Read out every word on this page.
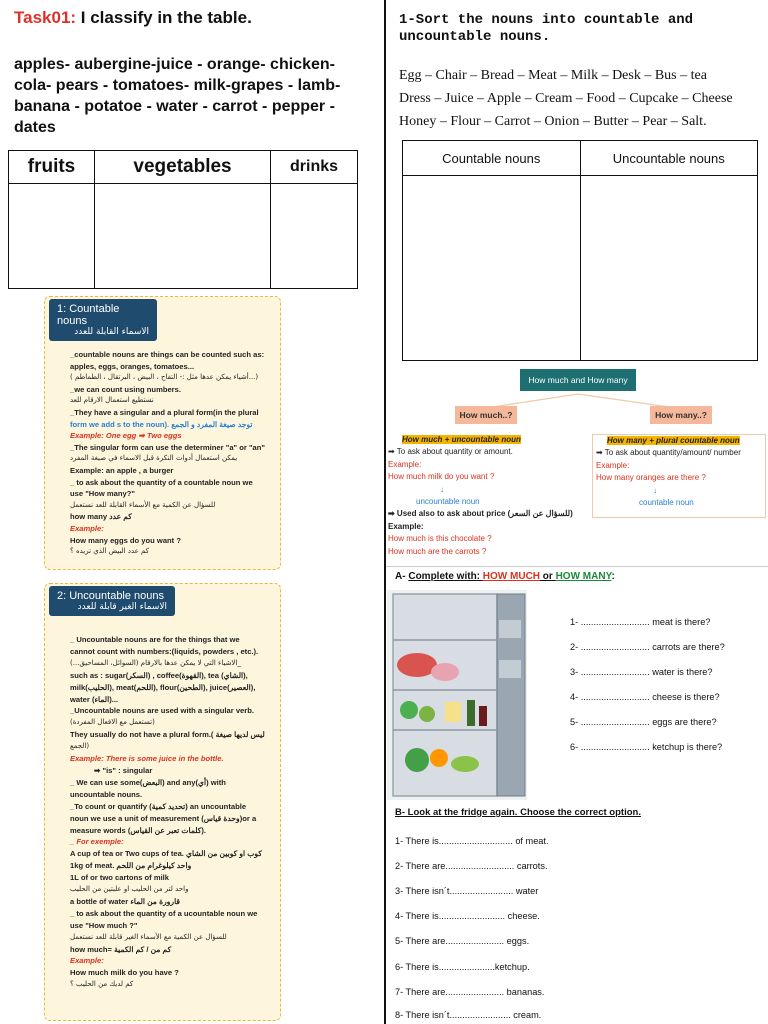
Task01: I classify in the table.
apples- aubergine-juice - orange- chicken-cola- pears - tomatoes- milk-grapes - lamb- banana - potatoe - water - carrot - pepper - dates
fruits	vegetables	drinks

1: Countable nouns
الاسماء القابلة للعدد
_countable nouns are things can be counted such as:
apples, eggs, oranges, tomatoes...
( أشياء يمكن عدها مثل :- التفاح ، البيض ، البرتقال ، الطماطم...)
_we can count using numbers.
نستطيع استعمال الارقام للعد
_They have a singular and a plural form(in the plural
form we add s to the noun). توجد صيغة المفرد و الجمع
Example: One egg ➡ Two eggs
_The singular form can use the determiner "a" or "an"
يمكن استعمال أدوات النكرة قبل الاسماء في صيغة المفرد
Example: an apple , a burger
_ to ask about the quantity of a countable noun we
use "How many?"
للسؤال عن الكمية مع الأسماء القابلة للعد نستعمل
how many كم عدد
Example:
How many eggs do you want ?
كم عدد البيض الذي تريده ؟
2: Uncountable nouns
الاسماء الغير قابلة للعدد
_ Uncountable nouns are for the things that we
cannot count with numbers:(liquids, powders , etc.).
الاشياء التي لا يمكن عدها بالارقام (السوائل، المساحيق...)_
such as : sugar(السكر) , coffee(القهوة), tea (الشاي),
milk(الحليب), meat(اللحم), flour(الطحين), juice(العصير),
water (الماء)...
_Uncountable nouns are used with a singular verb.
(تستعمل مع الافعال المفردة)
They usually do not have a plural form.( ليس لديها صيغة
الجمع)
Example: There is some juice in the bottle.
➡ "is" : singular
_ We can use some(البعض) and any(أي) with
uncountable nouns.
_To count or quantify (تحديد كمية) an uncountable
noun we use a unit of measurement (وحدة قياس)or a
measure words (كلمات تعبر عن القياس).
_ For exemple:
A cup of tea or Two cups of tea. كوب او كوبين من الشاي
1kg of meat. واحد كيلوغرام من اللحم
1L of or two cartons of milk
واحد لتر من الحليب او علبتين من الحليب
a bottle of water قارورة من الماء
_ to ask about the quantity of a ucountable noun we
use "How much ?"
للسؤال عن الكمية مع الأسماء الغير قابلة للعد نستعمل
how much= كم من / كم الكمية
Example:
How much milk do you have ?
كم لديك من الحليب ؟
1-Sort the nouns into countable and uncountable nouns.
Egg – Chair – Bread – Meat – Milk – Desk – Bus – tea
Dress – Juice – Apple – Cream – Food – Cupcake – Cheese
Honey – Flour – Carrot – Onion – Butter – Pear – Salt.
Countable nouns	Uncountable nouns

How much and How many
How much..?	How many..?
How much + uncountable noun
➡ To ask about quantity or amount.
Example:
How much milk do you want ?
↓
uncountable noun
➡ Used also to ask about price (للسؤال عن السعر)
Example:
How much is this chocolate ?
How much are the carrots ?
How many + plural countable noun
➡ To ask about quantity/amount/ number
Example:
How many oranges are there ?
↓
countable noun
A- Complete with: HOW MUCH or HOW MANY:
1- ........................... meat is there?
2- ........................... carrots are there?
3- ........................... water is there?
4- ........................... cheese is there?
5- ........................... eggs are there?
6- ........................... ketchup is there?
B- Look at the fridge again. Choose the correct option.
1- There is............................. of meat.
2- There are........................... carrots.
3- There isn´t......................... water
4- There is.......................... cheese.
5- There are....................... eggs.
6- There is......................ketchup.
7- There are....................... bananas.
8- There isn´t........................ cream.
